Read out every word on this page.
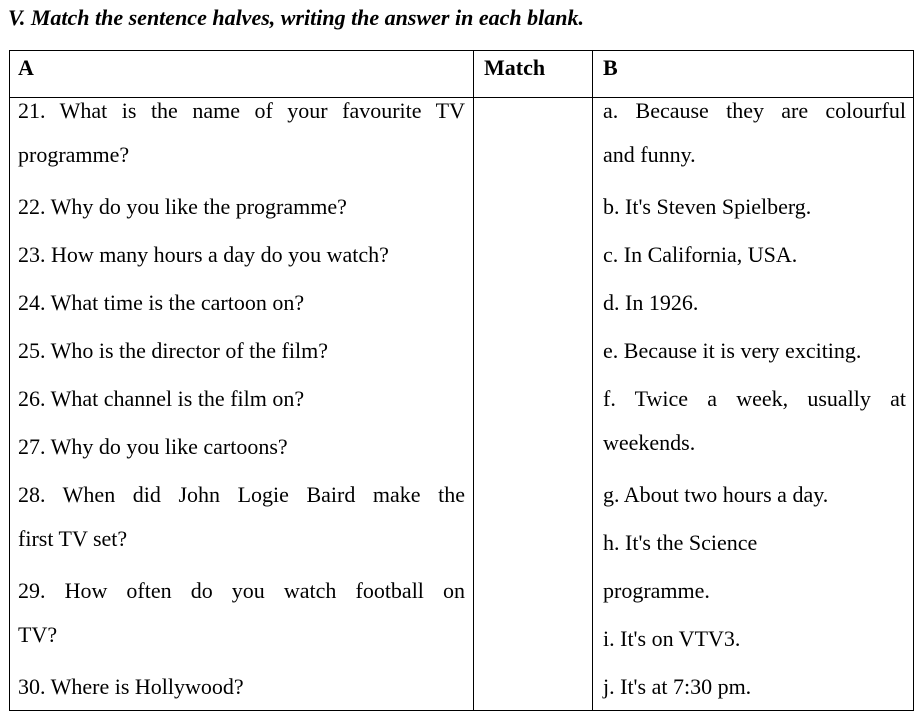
V. Match the sentence halves, writing the answer in each blank.
A	Match	B
21. What is the name of your favourite TV
programme?
22. Why do you like the programme?
23. How many hours a day do you watch?
24. What time is the cartoon on?
25. Who is the director of the film?
26. What channel is the film on?
27. Why do you like cartoons?
28. When did John Logie Baird make the
first TV set?
29. How often do you watch football on
TV?
30. Where is Hollywood?
a. Because they are colourful
and funny.
b. It's Steven Spielberg.
c. In California, USA.
d. In 1926.
e. Because it is very exciting.
f. Twice a week, usually at
weekends.
g. About two hours a day.
h. It's the Science
programme.
i. It's on VTV3.
j. It's at 7:30 pm.
